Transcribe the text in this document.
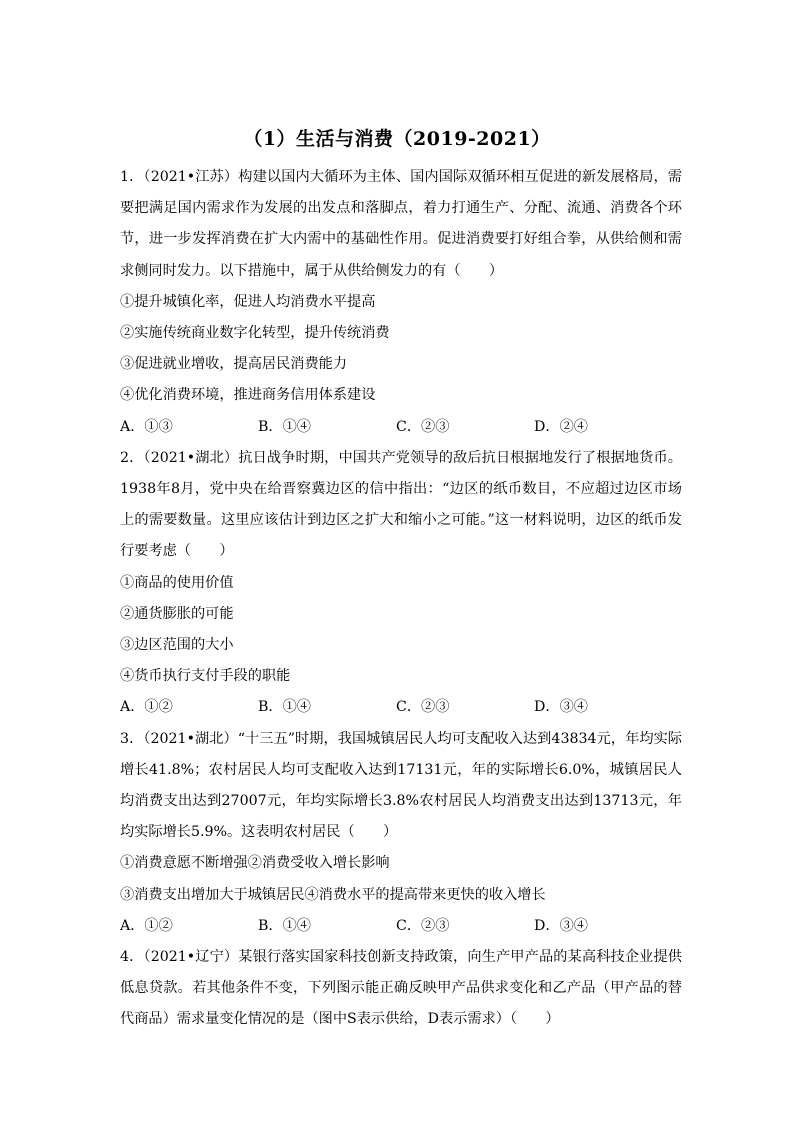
（1）生活与消费（2019-2021）

1．（2021•江苏）构建以国内大循环为主体、国内国际双循环相互促进的新发展格局，需要把满足国内需求作为发展的出发点和落脚点，着力打通生产、分配、流通、消费各个环节，进一步发挥消费在扩大内需中的基础性作用。促进消费要打好组合拳，从供给侧和需求侧同时发力。以下措施中，属于从供给侧发力的有（　　）

①提升城镇化率，促进人均消费水平提高

②实施传统商业数字化转型，提升传统消费

③促进就业增收，提高居民消费能力

④优化消费环境，推进商务信用体系建设

A．①③	B．①④	C．②③	D．②④

2．（2021•湖北）抗日战争时期，中国共产党领导的敌后抗日根据地发行了根据地货币。1938年8月，党中央在给晋察冀边区的信中指出：“边区的纸币数目，不应超过边区市场上的需要数量。这里应该估计到边区之扩大和缩小之可能。”这一材料说明，边区的纸币发行要考虑（　　）

①商品的使用价值

②通货膨胀的可能

③边区范围的大小

④货币执行支付手段的职能

A．①②	B．①④	C．②③	D．③④

3．（2021•湖北）“十三五”时期，我国城镇居民人均可支配收入达到43834元，年均实际增长41.8%；农村居民人均可支配收入达到17131元，年的实际增长6.0%，城镇居民人均消费支出达到27007元，年均实际增长3.8%农村居民人均消费支出达到13713元，年均实际增长5.9%。这表明农村居民（　　）

①消费意愿不断增强②消费受收入增长影响

③消费支出增加大于城镇居民④消费水平的提高带来更快的收入增长

A．①②	B．①④	C．②③	D．③④

4．（2021•辽宁）某银行落实国家科技创新支持政策，向生产甲产品的某高科技企业提供低息贷款。若其他条件不变，下列图示能正确反映甲产品供求变化和乙产品（甲产品的替代商品）需求量变化情况的是（图中S表示供给，D表示需求）（　　）
